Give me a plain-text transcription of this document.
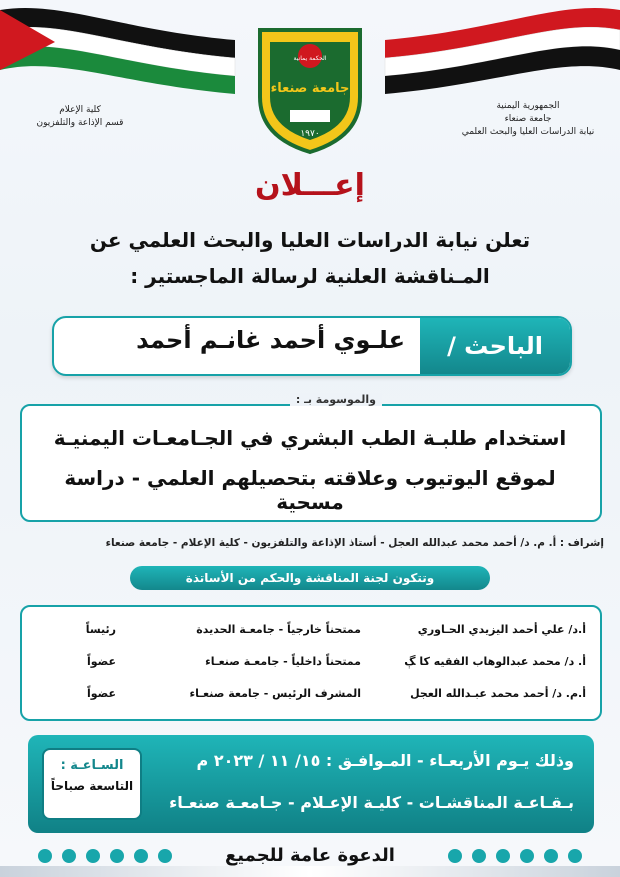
الحكمة يمانية
جامعة صنعاء
١٩٧٠
الجمهورية اليمنية
جامعة صنعاء
نيابة الدراسات العليا والبحث العلمي
كلية الإعلام
قسم الإذاعة والتلفزيون
إعـــلان
تعلن نيابة الدراسات العليا والبحث العلمي عن
المـناقشة العلنية لرسالة الماجستير :
الباحث /
علـوي أحمد غانـم أحمد
استخدام طلبـة الطب البشري في الجـامعـات اليمنيـة
لموقع اليوتيوب وعلاقته بتحصيلهم العلمي - دراسة مسحية
والموسومة بـ :
إشراف : أ. م. د/ أحمد محمد عبدالله العجل - أستاذ الإذاعة والتلفزيون - كلية الإعلام - جامعة صنعاء
وتتكون لجنة المناقشة والحكم من الأساتذة
أ.د/ علي أحمد اليزيدي الحـاوري
ممتحناً خارجياً - جامعـة الحديدة
رئيساً
أ. د/ محمد عبدالوهاب الفقيه كا ﮗ
ممتحناً داخلياً - جامعـة صنعـاء
عضواً
أ.م. د/ أحمد محمد عبـدالله العجل
المشرف الرئيس - جامعة صنعـاء
عضواً
وذلك يـوم الأربعـاء - المـوافـق : ١٥/ ١١ / ٢٠٢٣ م
بـقـاعـة المناقشـات - كليـة الإعـلام - جـامعـة صنعـاء
السـاعـة :
التاسعة صباحاً
الدعوة عامة للجميع
